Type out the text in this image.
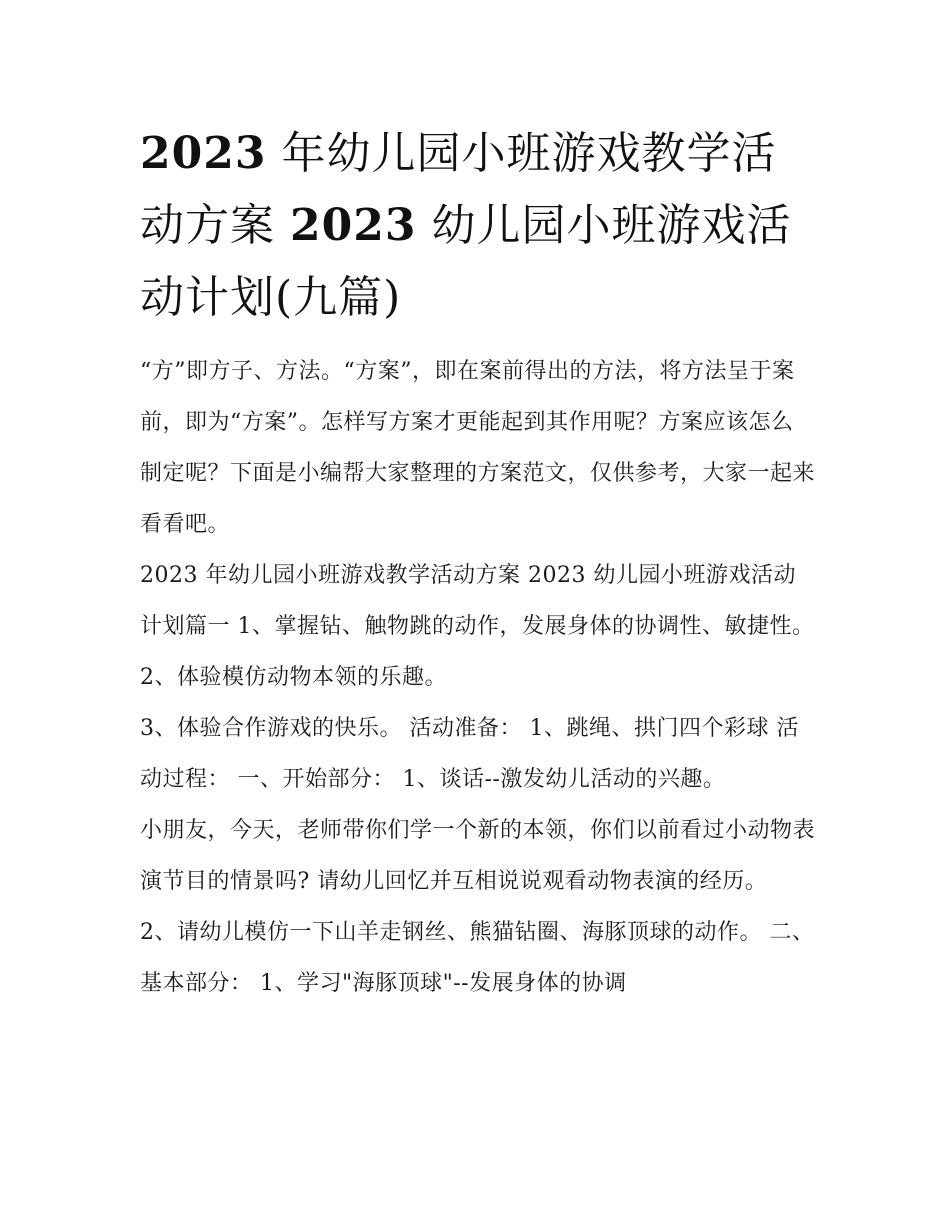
2023 年幼儿园小班游戏教学活动方案 2023 幼儿园小班游戏活动计划(九篇)

“方”即方子、方法。“方案”，即在案前得出的方法，将方法呈于案前，即为“方案”。怎样写方案才更能起到其作用呢？方案应该怎么制定呢？下面是小编帮大家整理的方案范文，仅供参考，大家一起来看看吧。

2023 年幼儿园小班游戏教学活动方案 2023 幼儿园小班游戏活动计划篇一 1、掌握钻、触物跳的动作，发展身体的协调性、敏捷性。 2、体验模仿动物本领的乐趣。

3、体验合作游戏的快乐。 活动准备： 1、跳绳、拱门四个彩球 活动过程： 一、开始部分： 1、谈话--激发幼儿活动的兴趣。

小朋友，今天，老师带你们学一个新的本领，你们以前看过小动物表演节目的情景吗? 请幼儿回忆并互相说说观看动物表演的经历。

2、请幼儿模仿一下山羊走钢丝、熊猫钻圈、海豚顶球的动作。 二、基本部分： 1、学习"海豚顶球"--发展身体的协调
